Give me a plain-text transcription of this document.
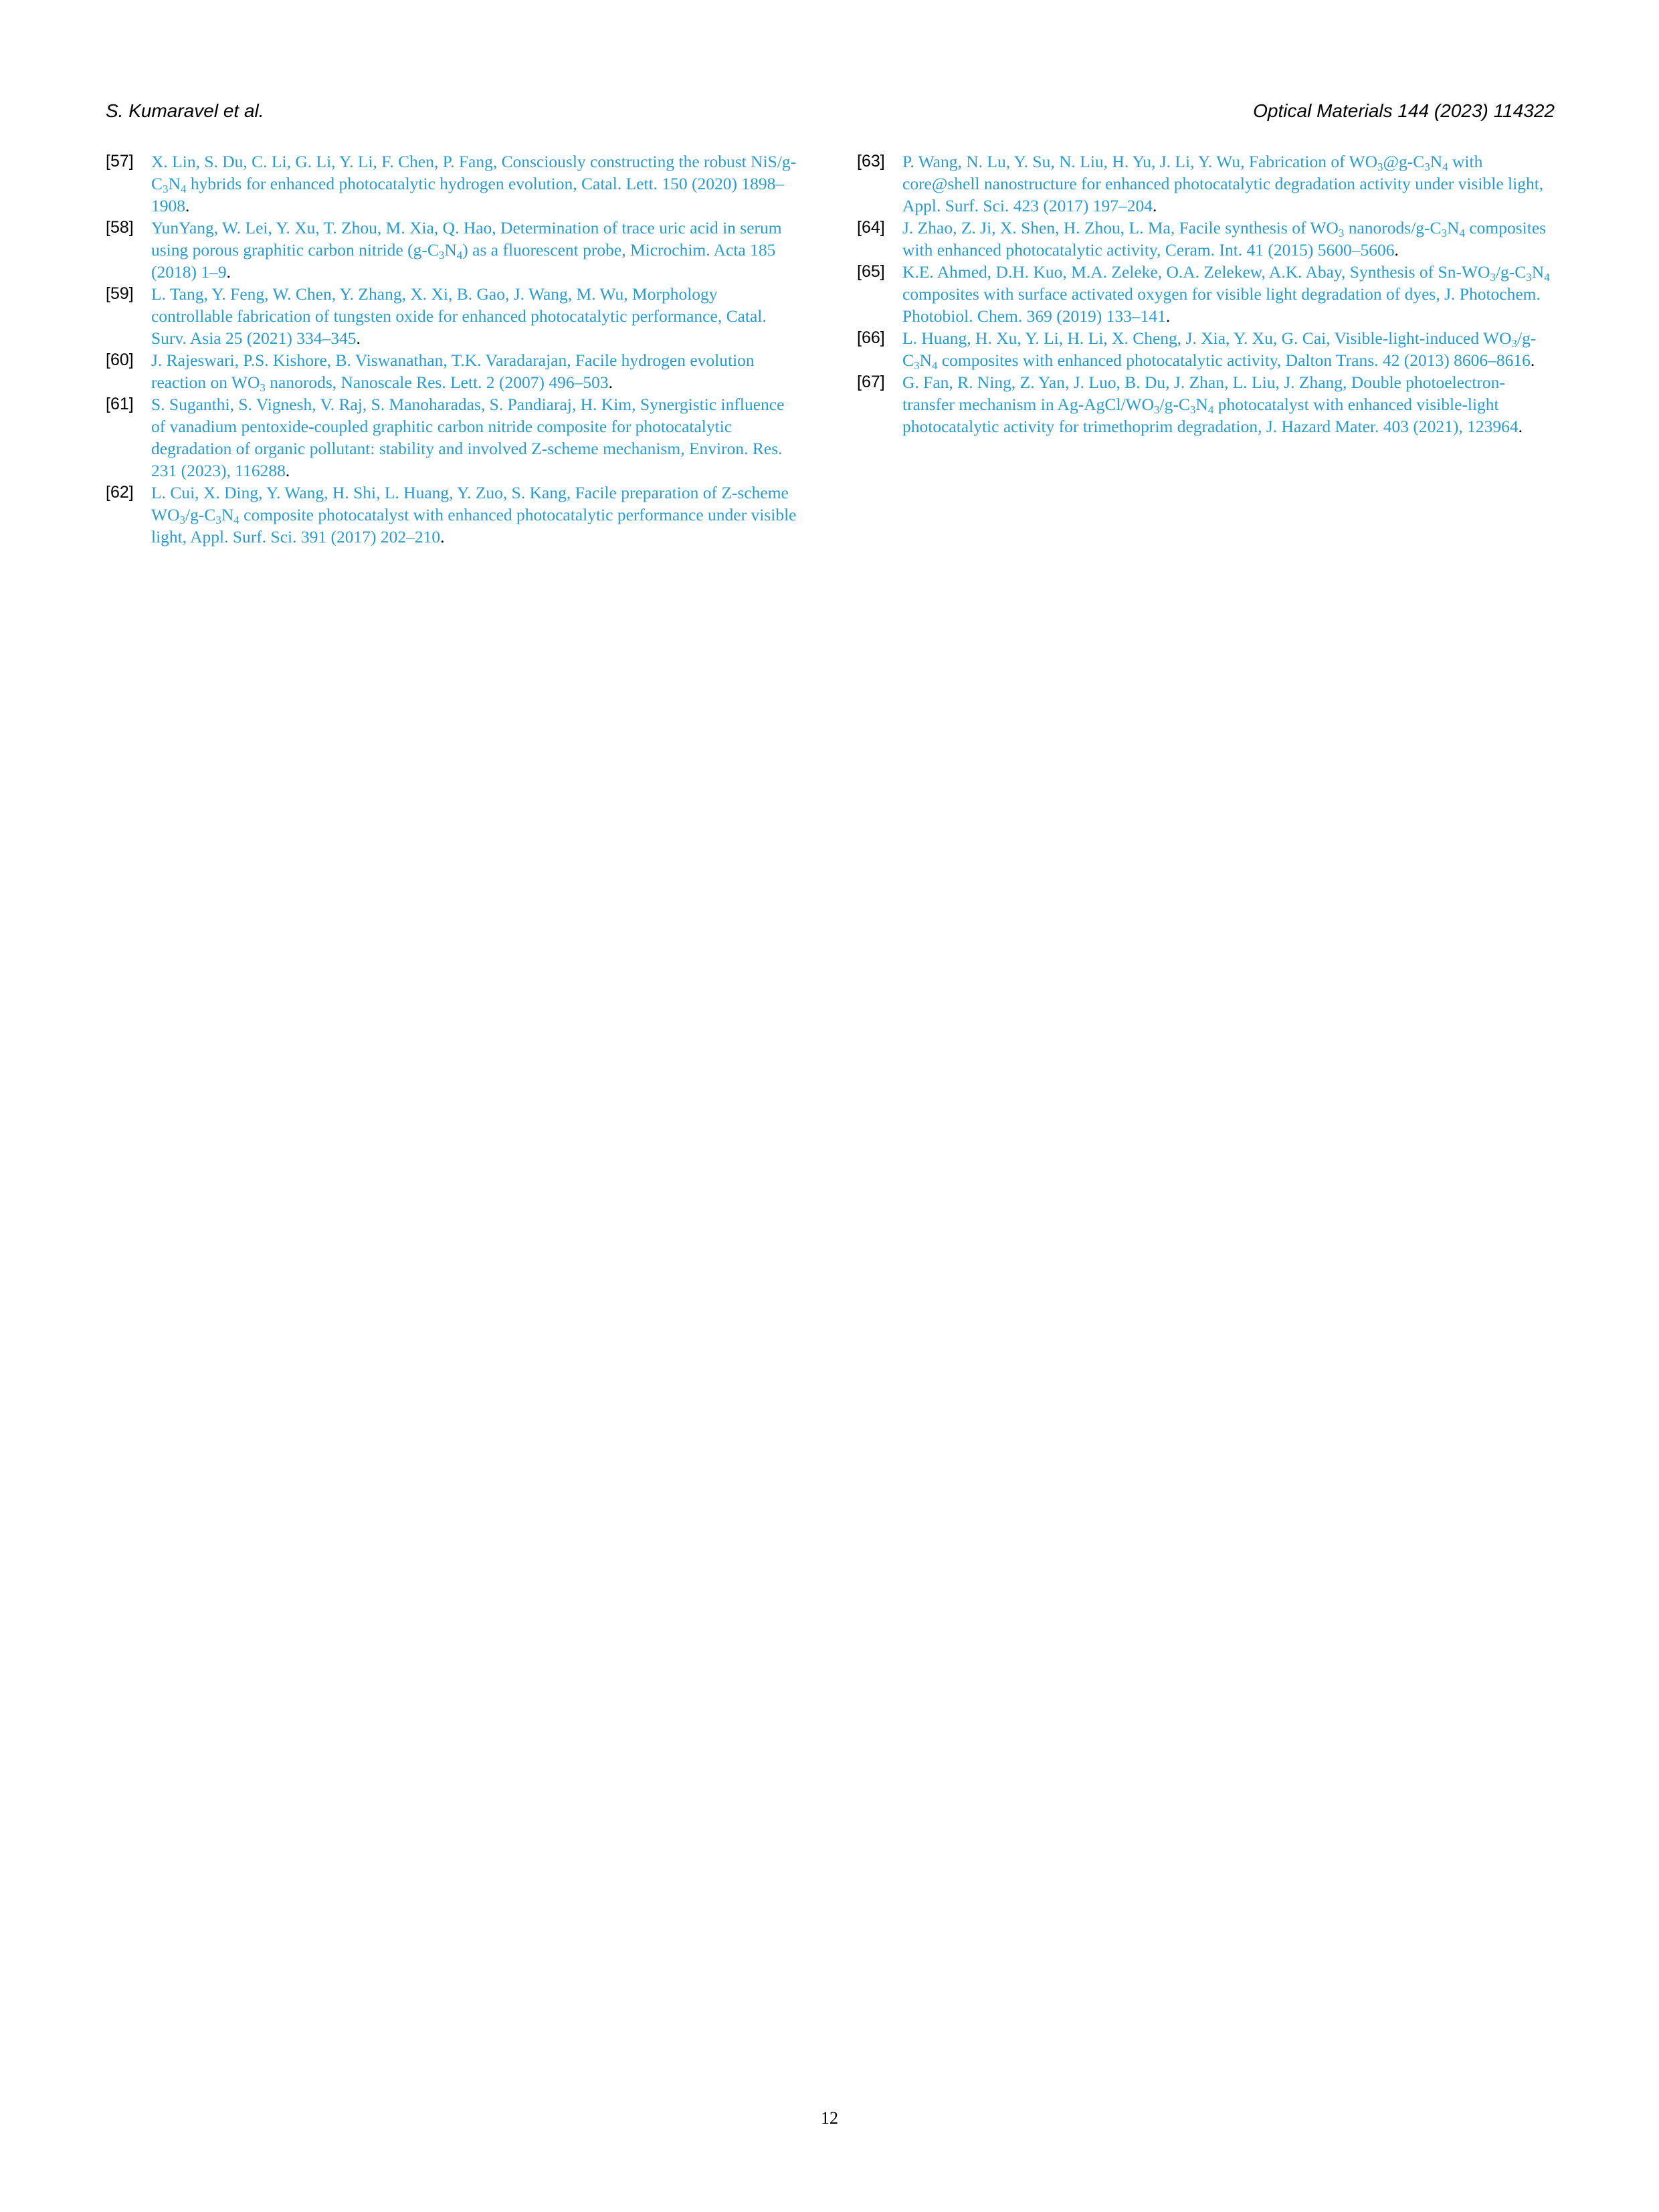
S. Kumaravel et al.	Optical Materials 144 (2023) 114322

[57] X. Lin, S. Du, C. Li, G. Li, Y. Li, F. Chen, P. Fang, Consciously constructing the robust NiS/$g-C_3N_4$ hybrids for enhanced photocatalytic hydrogen evolution, Catal. Lett. 150 (2020) 1898–1908.

[58] YunYang, W. Lei, Y. Xu, T. Zhou, M. Xia, Q. Hao, Determination of trace uric acid in serum using porous graphitic carbon nitride $(g-C_3N_4)$ as a fluorescent probe, Microchim. Acta 185 (2018) 1–9.

[59] L. Tang, Y. Feng, W. Chen, Y. Zhang, X. Xi, B. Gao, J. Wang, M. Wu, Morphology controllable fabrication of tungsten oxide for enhanced photocatalytic performance, Catal. Surv. Asia 25 (2021) 334–345.

[60] J. Rajeswari, P.S. Kishore, B. Viswanathan, T.K. Varadarajan, Facile hydrogen evolution reaction on $WO_3$ nanorods, Nanoscale Res. Lett. 2 (2007) 496–503.

[61] S. Suganthi, S. Vignesh, V. Raj, S. Manoharadas, S. Pandiaraj, H. Kim, Synergistic influence of vanadium pentoxide-coupled graphitic carbon nitride composite for photocatalytic degradation of organic pollutant: stability and involved Z-scheme mechanism, Environ. Res. 231 (2023), 116288.

[62] L. Cui, X. Ding, Y. Wang, H. Shi, L. Huang, Y. Zuo, S. Kang, Facile preparation of Z-scheme $WO_3/g-C_3N_4$ composite photocatalyst with enhanced photocatalytic performance under visible light, Appl. Surf. Sci. 391 (2017) 202–210.

[63] P. Wang, N. Lu, Y. Su, N. Liu, H. Yu, J. Li, Y. Wu, Fabrication of $WO_3@g-C_3N_4$ with core@shell nanostructure for enhanced photocatalytic degradation activity under visible light, Appl. Surf. Sci. 423 (2017) 197–204.

[64] J. Zhao, Z. Ji, X. Shen, H. Zhou, L. Ma, Facile synthesis of $WO_3$ nanorods/$g-C_3N_4$ composites with enhanced photocatalytic activity, Ceram. Int. 41 (2015) 5600–5606.

[65] K.E. Ahmed, D.H. Kuo, M.A. Zeleke, O.A. Zelekew, A.K. Abay, Synthesis of $Sn-WO_3/g-C_3N_4$ composites with surface activated oxygen for visible light degradation of dyes, J. Photochem. Photobiol. Chem. 369 (2019) 133–141.

[66] L. Huang, H. Xu, Y. Li, H. Li, X. Cheng, J. Xia, Y. Xu, G. Cai, Visible-light-induced $WO_3/g-C_3N_4$ composites with enhanced photocatalytic activity, Dalton Trans. 42 (2013) 8606–8616.

[67] G. Fan, R. Ning, Z. Yan, J. Luo, B. Du, J. Zhan, L. Liu, J. Zhang, Double photoelectron-transfer mechanism in $Ag-AgCl/WO_3/g-C_3N_4$ photocatalyst with enhanced visible-light photocatalytic activity for trimethoprim degradation, J. Hazard Mater. 403 (2021), 123964.

12
